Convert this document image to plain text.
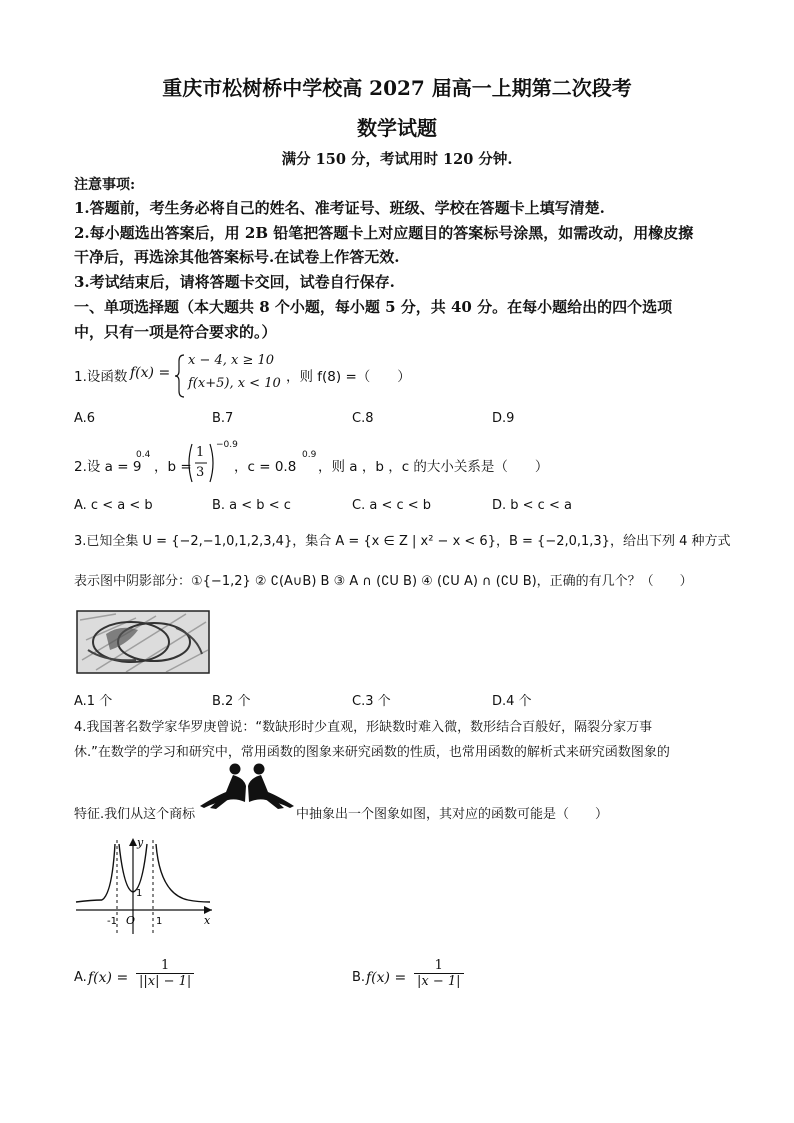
重庆市松树桥中学校高 2027 届高一上期第二次段考
数学试题
满分 150 分，考试用时 120 分钟.
注意事项:
1.答题前，考生务必将自己的姓名、准考证号、班级、学校在答题卡上填写清楚.
2.每小题选出答案后，用 2B 铅笔把答题卡上对应题目的答案标号涂黑，如需改动，用橡皮擦
干净后，再选涂其他答案标号.在试卷上作答无效.
3.考试结束后，请将答题卡交回，试卷自行保存.
一、单项选择题（本大题共 8 个小题，每小题 5 分，共 40 分。在每小题给出的四个选项
中，只有一项是符合要求的。）
1.设函数 f(x) =
x − 4, x ≥ 10
f(x+5), x < 10 ，则 f(8) =（　　）
A.6	B.7	C.8	D.9
2.设 a = 9
0.4
，b =
1
3
−0.9
，c = 0.8
0.9
，则 a ，b ，c 的大小关系是（　　）
A. c < a < b	B. a < b < c	C. a < c < b	D. b < c < a
3.已知全集 U = {−2,−1,0,1,2,3,4}，集合 A = {x ∈ Z | x² − x < 6}，B = {−2,0,1,3}，给出下列 4 种方式
表示图中阴影部分：①{−1,2} ② ∁(A∪B) B ③ A ∩ (∁U B) ④ (∁U A) ∩ (∁U B)，正确的有几个？（　　）
A.1 个	B.2 个	C.3 个	D.4 个
4.我国著名数学家华罗庚曾说：“数缺形时少直观，形缺数时难入微，数形结合百般好，隔裂分家万事
休.”在数学的学习和研究中，常用函数的图象来研究函数的性质，也常用函数的解析式来研究函数图象的
特征.我们从这个商标	中抽象出一个图象如图，其对应的函数可能是（　　）
y
x
O
-1	1
1
A. $f(x) = \frac{1}{||x| - 1|}$	B. $f(x) = \frac{1}{|x - 1|}$
